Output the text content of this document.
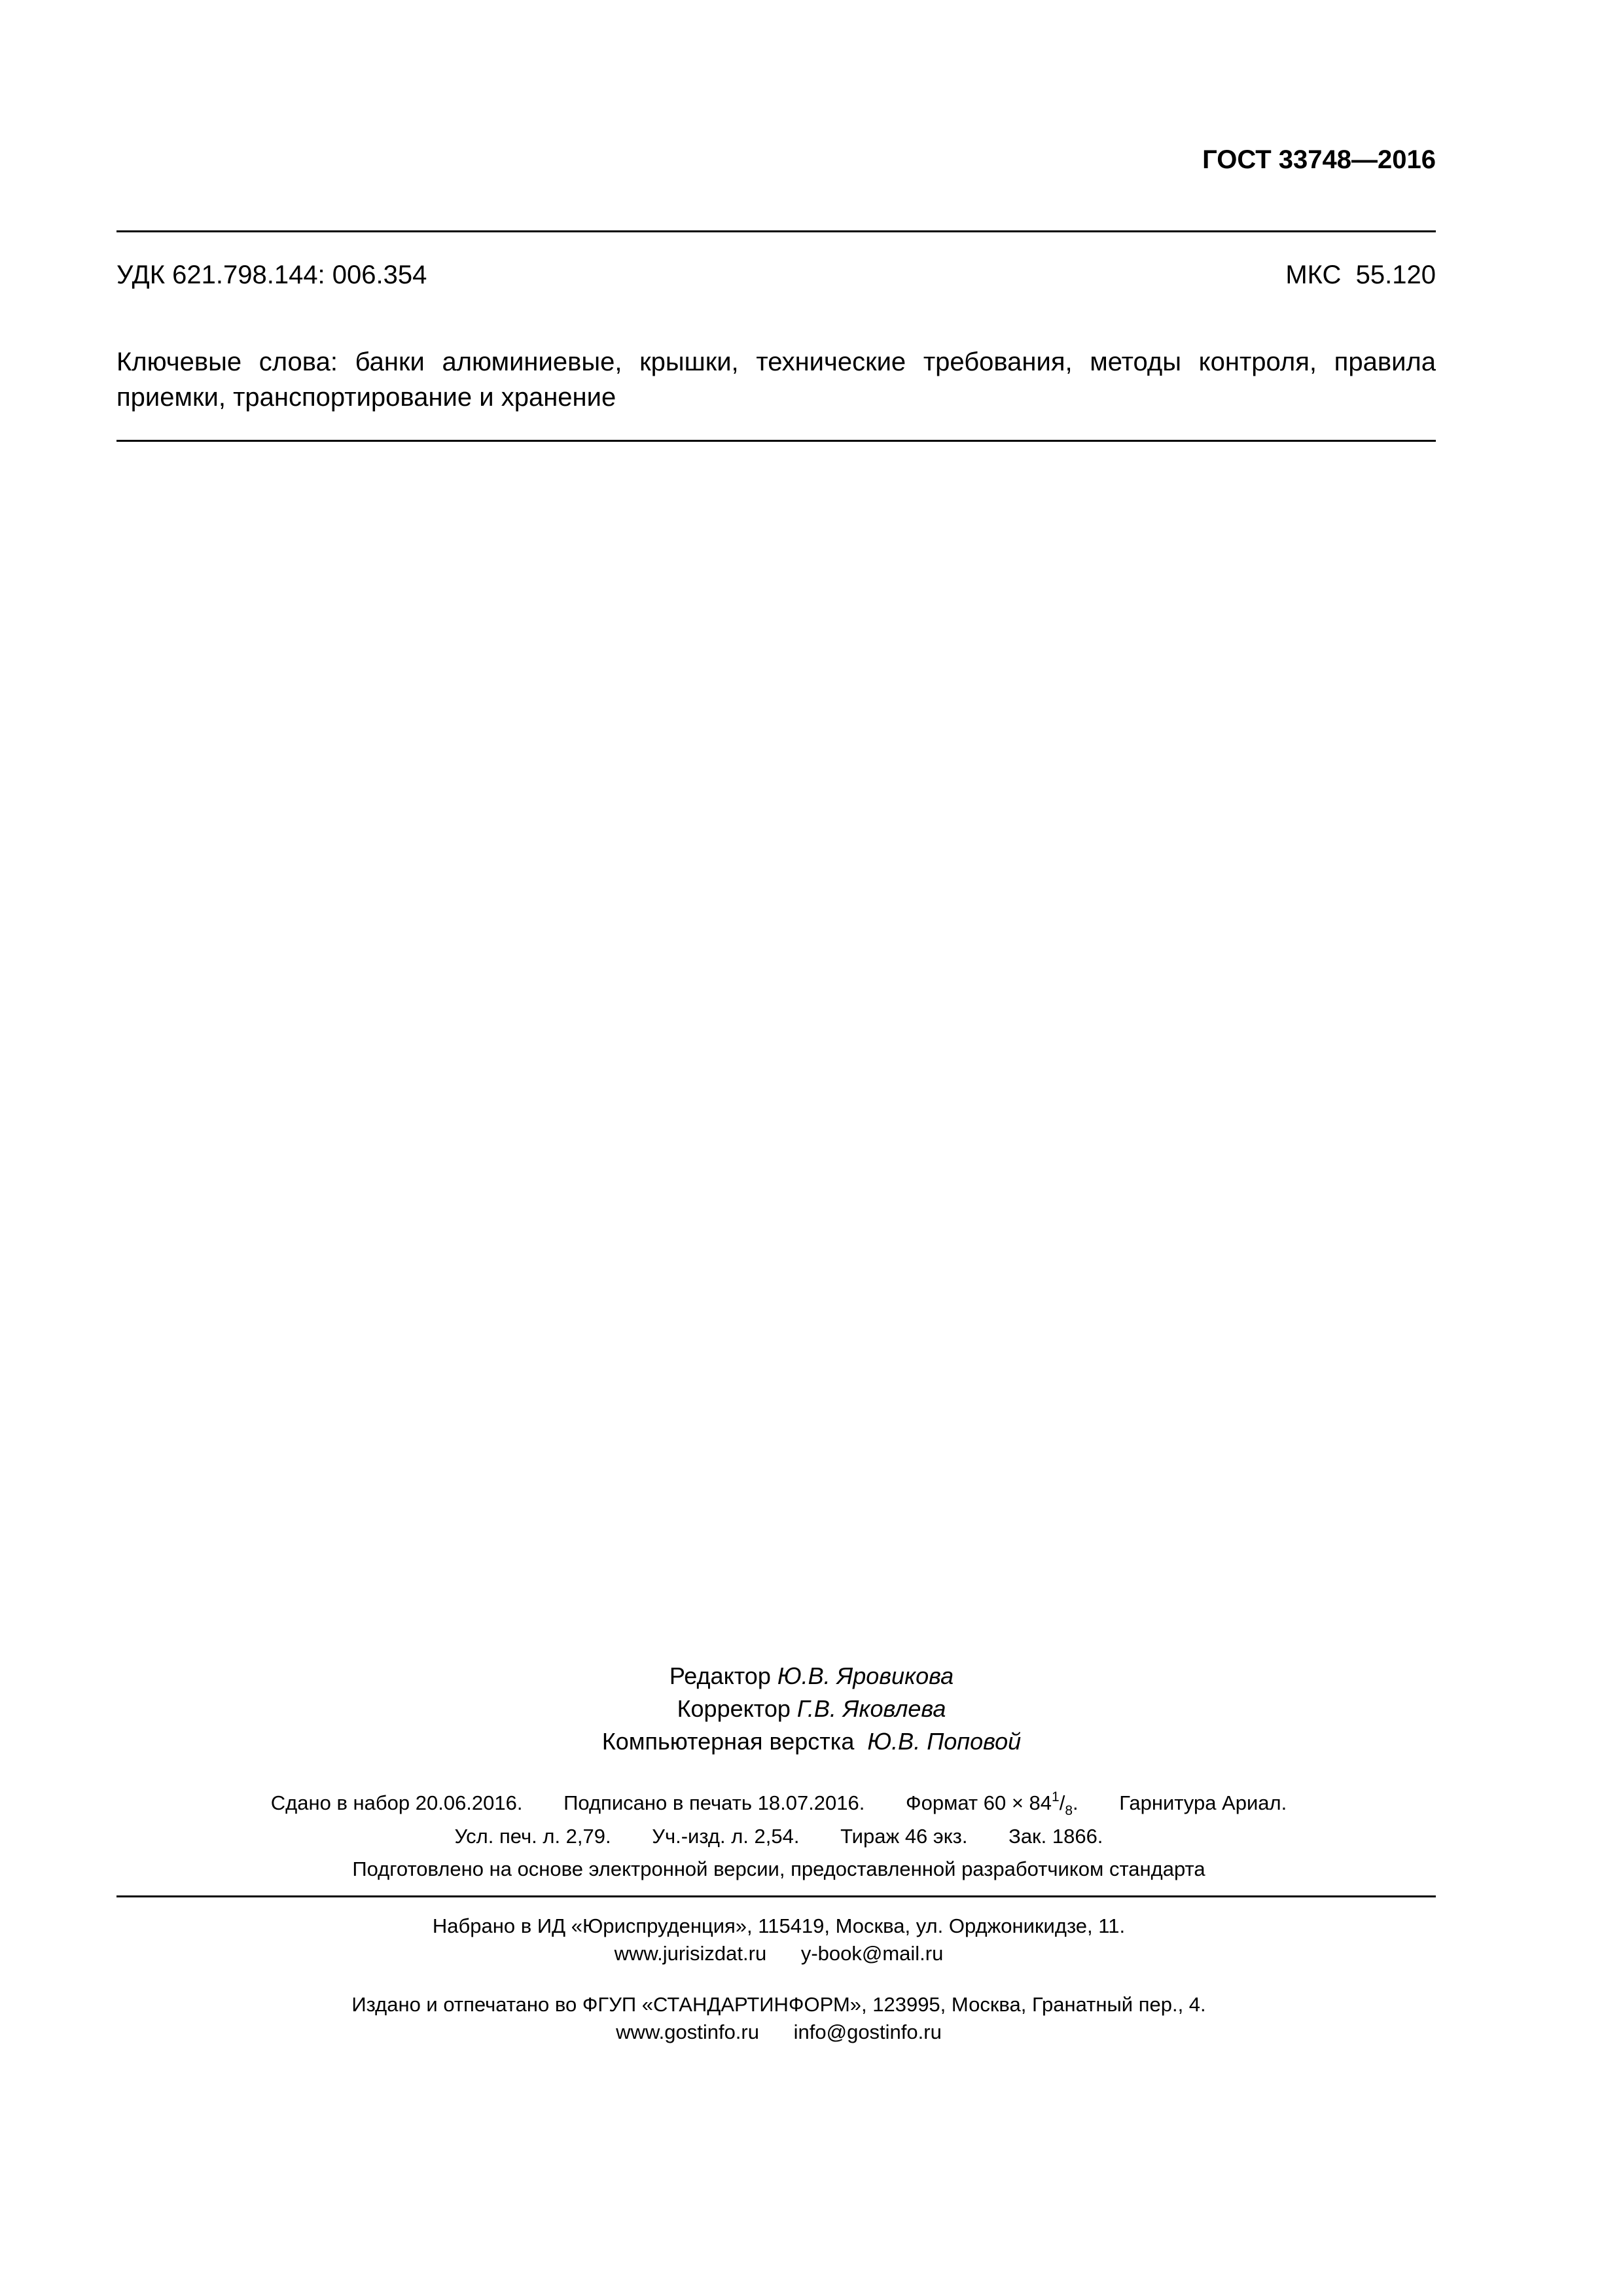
ГОСТ 33748—2016
УДК 621.798.144: 006.354	МКС  55.120
Ключевые слова: банки алюминиевые, крышки, технические требования, методы контроля, правила приемки, транспортирование и хранение
Редактор Ю.В. Яровикова
Корректор Г.В. Яковлева
Компьютерная верстка Ю.В. Поповой
Сдано в набор 20.06.2016. Подписано в печать 18.07.2016. Формат $60 \times 84^1/_8$. Гарнитура Ариал.
Усл. печ. л. 2,79. Уч.-изд. л. 2,54. Тираж 46 экз. Зак. 1866.
Подготовлено на основе электронной версии, предоставленной разработчиком стандарта
Набрано в ИД «Юриспруденция», 115419, Москва, ул. Орджоникидзе, 11.
www.jurisizdat.ru y-book@mail.ru
Издано и отпечатано во ФГУП «СТАНДАРТИНФОРМ», 123995, Москва, Гранатный пер., 4.
www.gostinfo.ru info@gostinfo.ru
